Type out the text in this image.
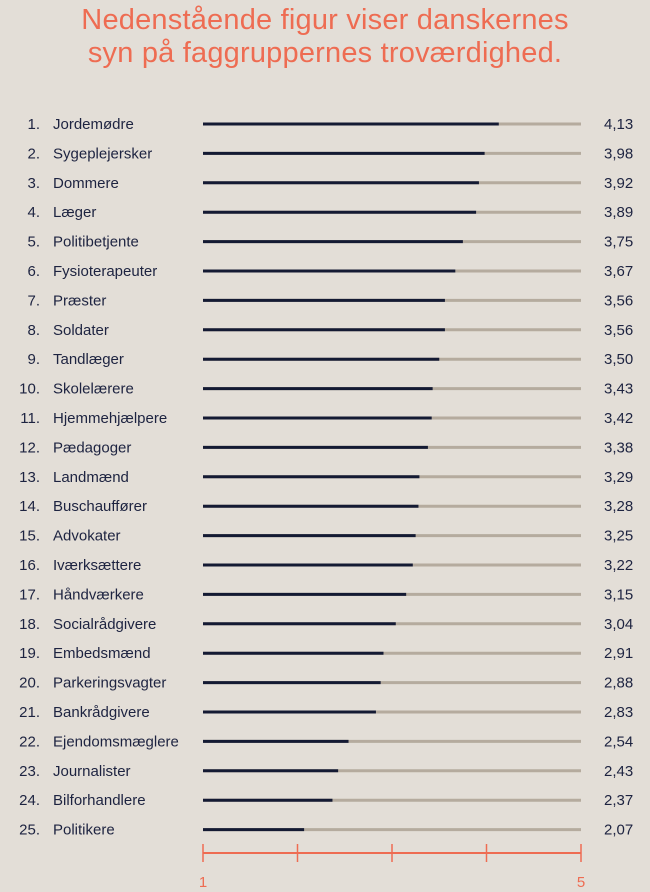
Nedenstående figur viser danskernes
syn på faggruppernes troværdighed.
1. Jordemødre	4,13
2. Sygeplejersker	3,98
3. Dommere	3,92
4. Læger	3,89
5. Politibetjente	3,75
6. Fysioterapeuter	3,67
7. Præster	3,56
8. Soldater	3,56
9. Tandlæger	3,50
10. Skolelærere	3,43
11. Hjemmehjælpere	3,42
12. Pædagoger	3,38
13. Landmænd	3,29
14. Buschauffører	3,28
15. Advokater	3,25
16. Iværksættere	3,22
17. Håndværkere	3,15
18. Socialrådgivere	3,04
19. Embedsmænd	2,91
20. Parkeringsvagter	2,88
21. Bankrådgivere	2,83
22. Ejendomsmæglere	2,54
23. Journalister	2,43
24. Bilforhandlere	2,37
25. Politikere	2,07
1	5
